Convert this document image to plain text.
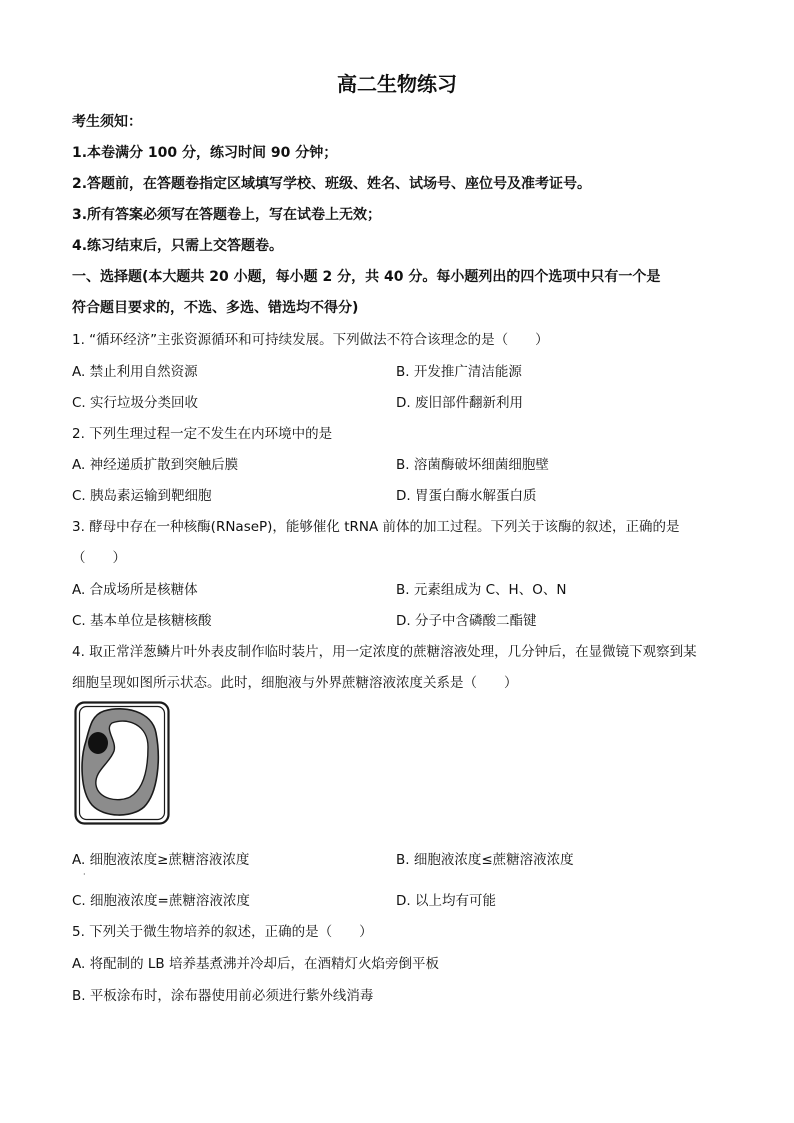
高二生物练习
考生须知：
1.本卷满分 100 分，练习时间 90 分钟；
2.答题前，在答题卷指定区域填写学校、班级、姓名、试场号、座位号及准考证号。
3.所有答案必须写在答题卷上，写在试卷上无效；
4.练习结束后，只需上交答题卷。
一、选择题(本大题共 20 小题，每小题 2 分，共 40 分。每小题列出的四个选项中只有一个是
符合题目要求的，不选、多选、错选均不得分)
1. “循环经济”主张资源循环和可持续发展。下列做法不符合该理念的是（　　）
A. 禁止利用自然资源	B. 开发推广清洁能源
C. 实行垃圾分类回收	D. 废旧部件翻新利用
2. 下列生理过程一定不发生在内环境中的是
A. 神经递质扩散到突触后膜	B. 溶菌酶破坏细菌细胞壁
C. 胰岛素运输到靶细胞	D. 胃蛋白酶水解蛋白质
3. 酵母中存在一种核酶(RNaseP)，能够催化 tRNA 前体的加工过程。下列关于该酶的叙述，正确的是
（　　）
A. 合成场所是核糖体	B. 元素组成为 C、H、O、N
C. 基本单位是核糖核酸	D. 分子中含磷酸二酯键
4. 取正常洋葱鳞片叶外表皮制作临时装片，用一定浓度的蔗糖溶液处理，几分钟后，在显微镜下观察到某
细胞呈现如图所示状态。此时，细胞液与外界蔗糖溶液浓度关系是（　　）
A. 细胞液浓度≥蔗糖溶液浓度	B. 细胞液浓度≤蔗糖溶液浓度
·
C. 细胞液浓度=蔗糖溶液浓度	D. 以上均有可能
5. 下列关于微生物培养的叙述，正确的是（　　）
A. 将配制的 LB 培养基煮沸并冷却后，在酒精灯火焰旁倒平板
B. 平板涂布时，涂布器使用前必须进行紫外线消毒
